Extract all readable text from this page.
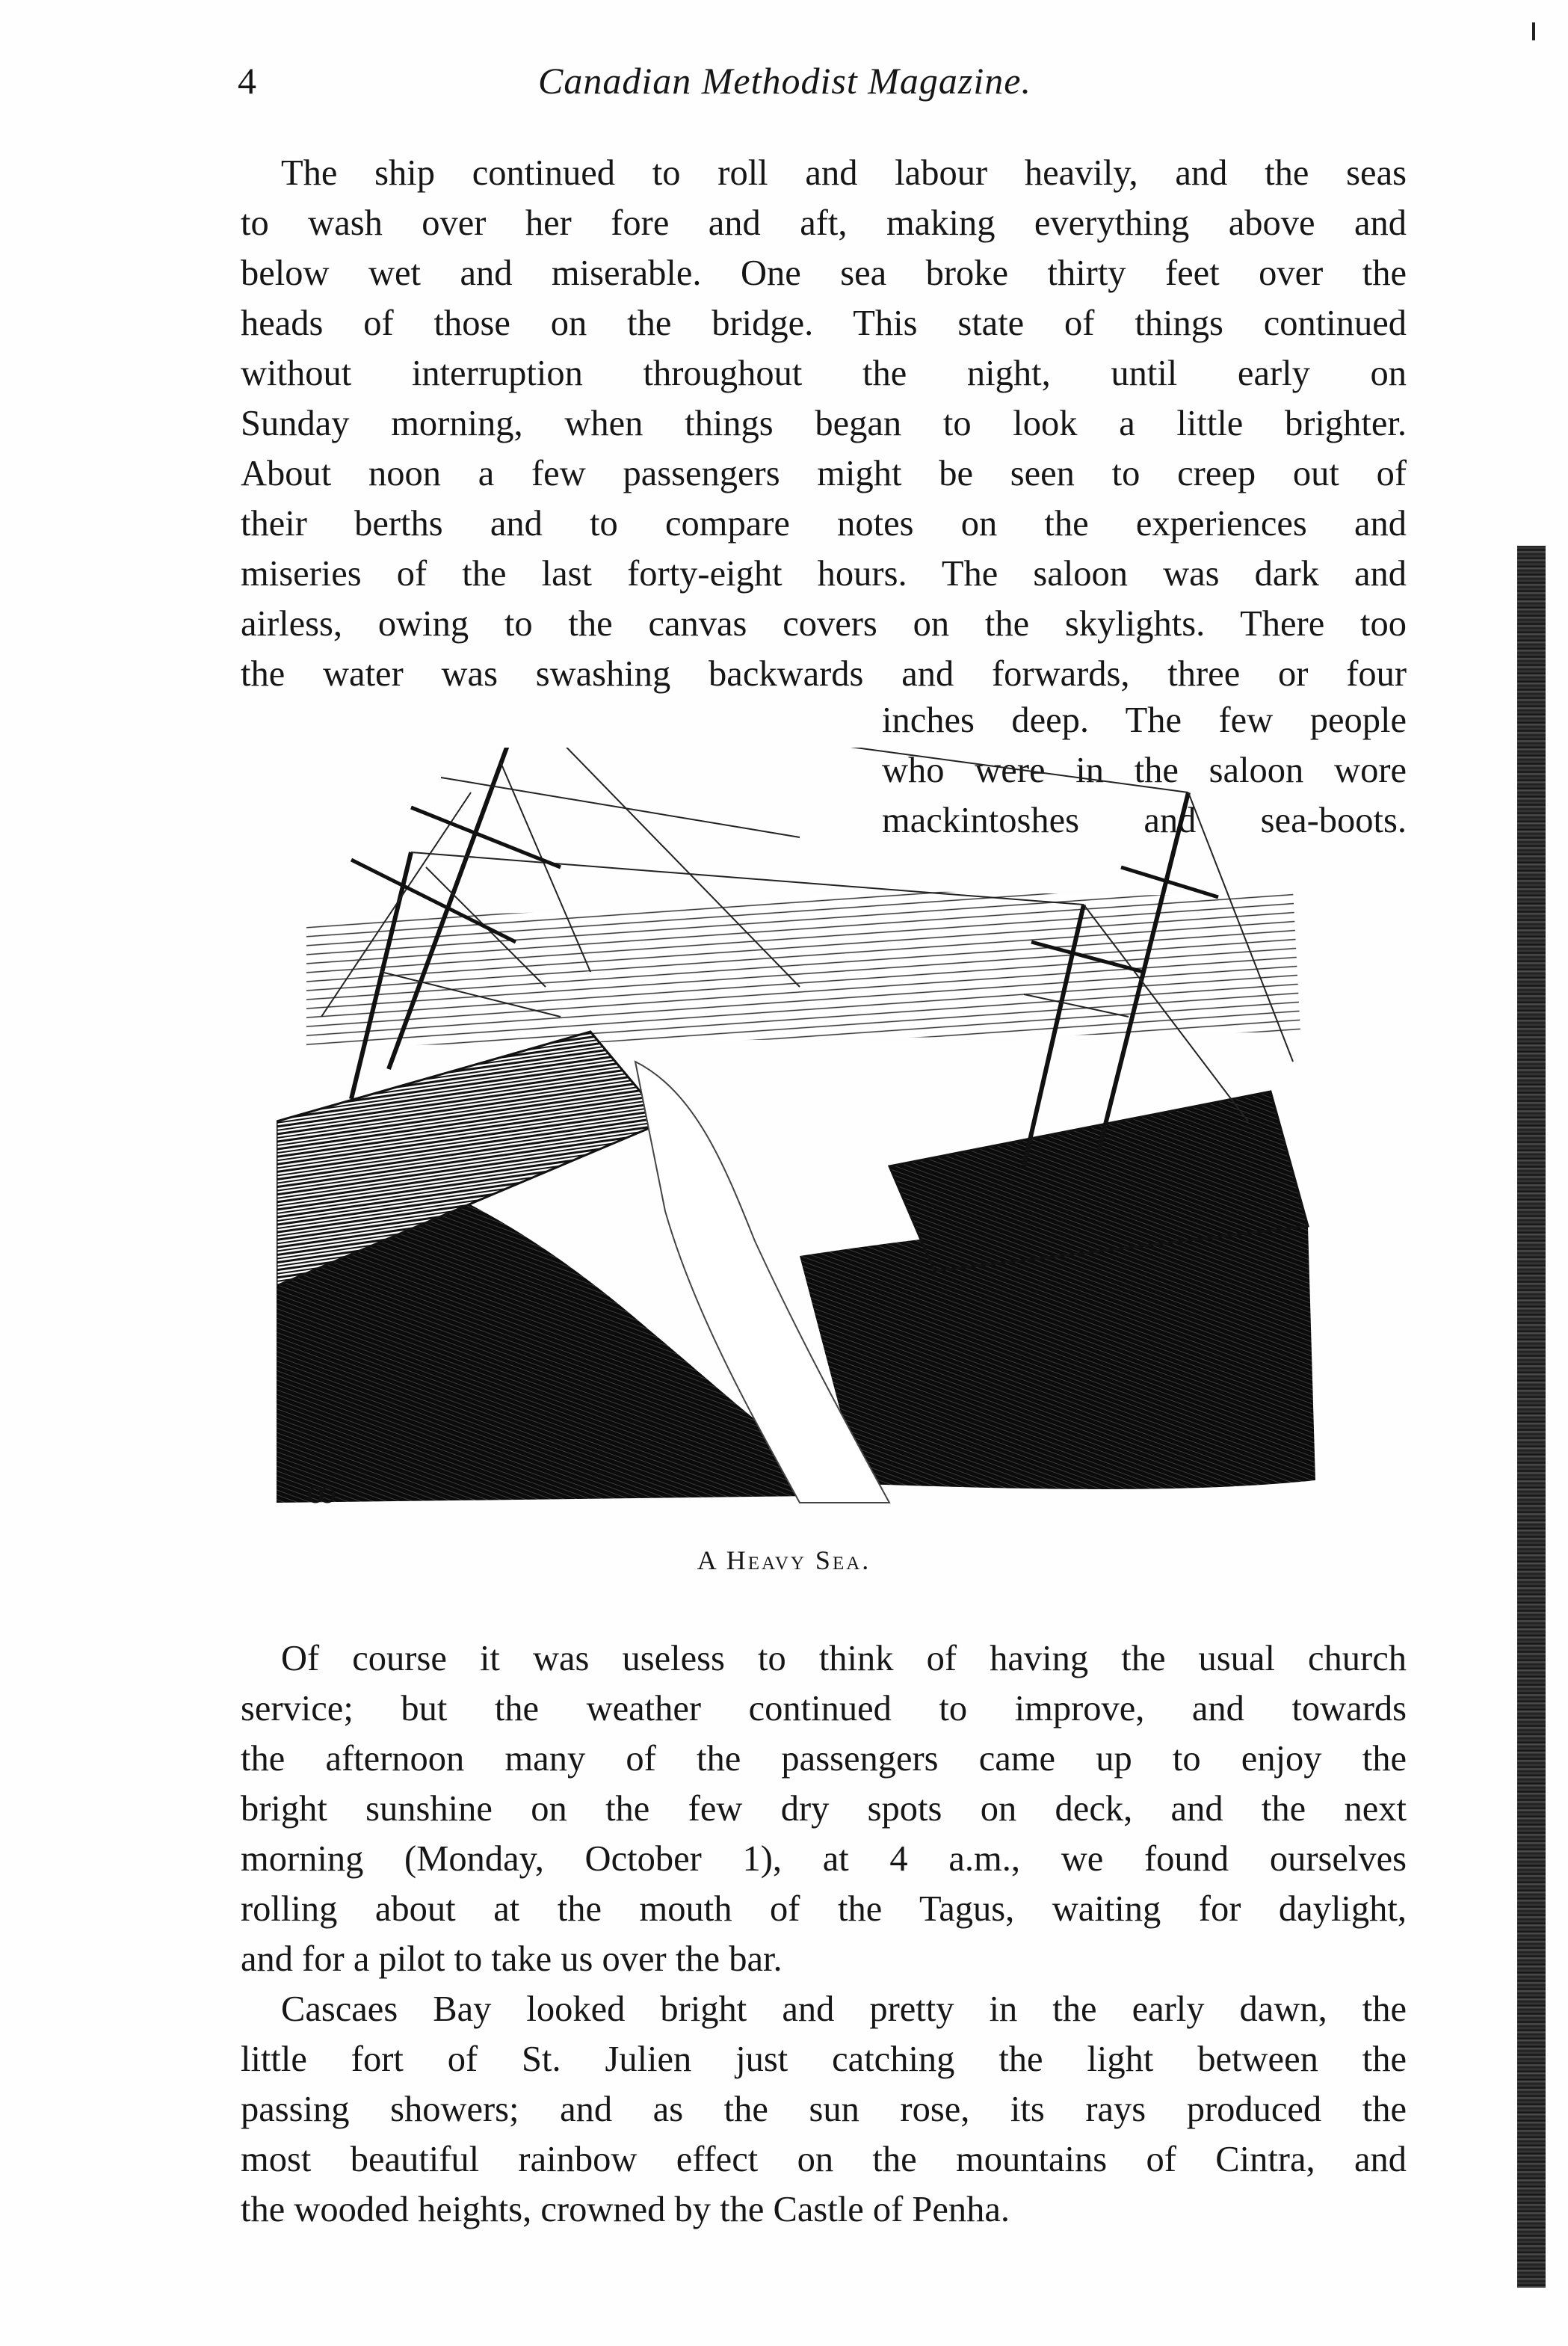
4	Canadian Methodist Magazine.
The ship continued to roll and labour heavily, and the seas
to wash over her fore and aft, making everything above and
below wet and miserable. One sea broke thirty feet over the
heads of those on the bridge. This state of things continued
without interruption throughout the night, until early on
Sunday morning, when things began to look a little brighter.
About noon a few passengers might be seen to creep out of
their berths and to compare notes on the experiences and
miseries of the last forty-eight hours. The saloon was dark and
airless, owing to the canvas covers on the skylights. There too
the water was swashing backwards and forwards, three or four
inches deep. The few people
who were in the saloon wore
mackintoshes and sea-boots.
ꝏ
A Heavy Sea.
Of course it was useless to think of having the usual church
service; but the weather continued to improve, and towards
the afternoon many of the passengers came up to enjoy the
bright sunshine on the few dry spots on deck, and the next
morning (Monday, October 1), at 4 a.m., we found ourselves
rolling about at the mouth of the Tagus, waiting for daylight,
and for a pilot to take us over the bar.
Cascaes Bay looked bright and pretty in the early dawn, the
little fort of St. Julien just catching the light between the
passing showers; and as the sun rose, its rays produced the
most beautiful rainbow effect on the mountains of Cintra, and
the wooded heights, crowned by the Castle of Penha.
